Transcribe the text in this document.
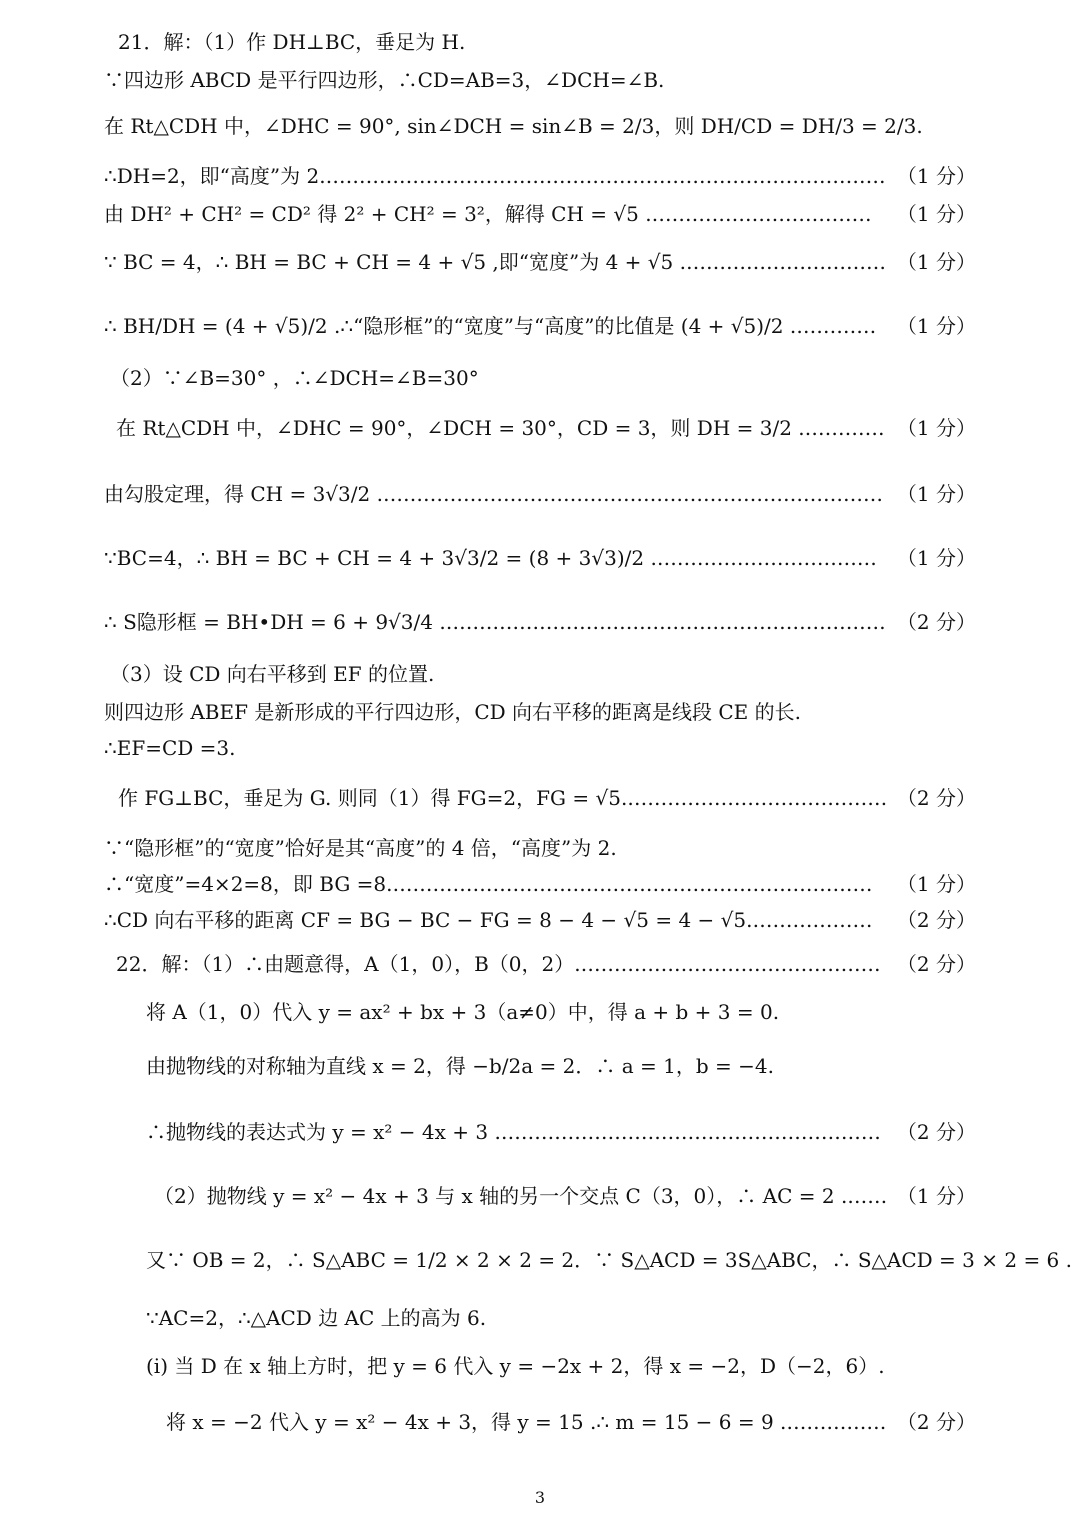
21．解：（1）作 DH⊥BC，垂足为 H.
∵四边形 ABCD 是平行四边形，∴CD=AB=3，∠DCH=∠B.
在 Rt△CDH 中，∠DHC = 90°, sin∠DCH = sin∠B = 2/3，则 DH/CD = DH/3 = 2/3.
∴DH=2，即“高度”为 2.………………………………………………………………………… （1 分）
由 DH² + CH² = CD² 得 2² + CH² = 3²，解得 CH = √5 .…………………………… （1 分）
∵ BC = 4，∴ BH = BC + CH = 4 + √5 ,即“宽度”为 4 + √5 .………………………… （1 分）
∴ BH/DH = (4 + √5)/2 .∴“隐形框”的“宽度”与“高度”的比值是 (4 + √5)/2 .………… （1 分）
（2）∵∠B=30° ，∴∠DCH=∠B=30°
在 Rt△CDH 中，∠DHC = 90°，∠DCH = 30°，CD = 3，则 DH = 3/2 .………… （1 分）
由勾股定理，得 CH = 3√3/2 .………………………………………………………………… （1 分）
∵BC=4，∴ BH = BC + CH = 4 + 3√3/2 = (8 + 3√3)/2 .…………………………… （1 分）
∴ S隐形框 = BH•DH = 6 + 9√3/4 .………………………………………………………… （2 分）
（3）设 CD 向右平移到 EF 的位置.
则四边形 ABEF 是新形成的平行四边形，CD 向右平移的距离是线段 CE 的长.
∴EF=CD =3.
作 FG⊥BC，垂足为 G. 则同（1）得 FG=2，FG = √5.………………………………… （2 分）
∵“隐形框”的“宽度”恰好是其“高度”的 4 倍，“高度”为 2.
∴“宽度”=4×2=8，即 BG =8.……………………………………………………………… （1 分）
∴CD 向右平移的距离 CF = BG − BC − FG = 8 − 4 − √5 = 4 − √5.……………… （2 分）
22．解：（1）∴由题意得，A（1，0），B（0，2）.……………………………………… （2 分）
将 A（1，0）代入 y = ax² + bx + 3（a≠0）中，得 a + b + 3 = 0.
由抛物线的对称轴为直线 x = 2，得 −b/2a = 2．∴ a = 1，b = −4.
∴抛物线的表达式为 y = x² − 4x + 3 .………………………………………………… （2 分）
（2）抛物线 y = x² − 4x + 3 与 x 轴的另一个交点 C（3，0），∴ AC = 2 .…… （1 分）
又∵ OB = 2，∴ S△ABC = 1/2 × 2 × 2 = 2．∵ S△ACD = 3S△ABC，∴ S△ACD = 3 × 2 = 6 .
∵AC=2，∴△ACD 边 AC 上的高为 6.
(i) 当 D 在 x 轴上方时，把 y = 6 代入 y = −2x + 2，得 x = −2，D（−2，6）.
将 x = −2 代入 y = x² − 4x + 3，得 y = 15 .∴ m = 15 − 6 = 9 .…………… （2 分）
3
